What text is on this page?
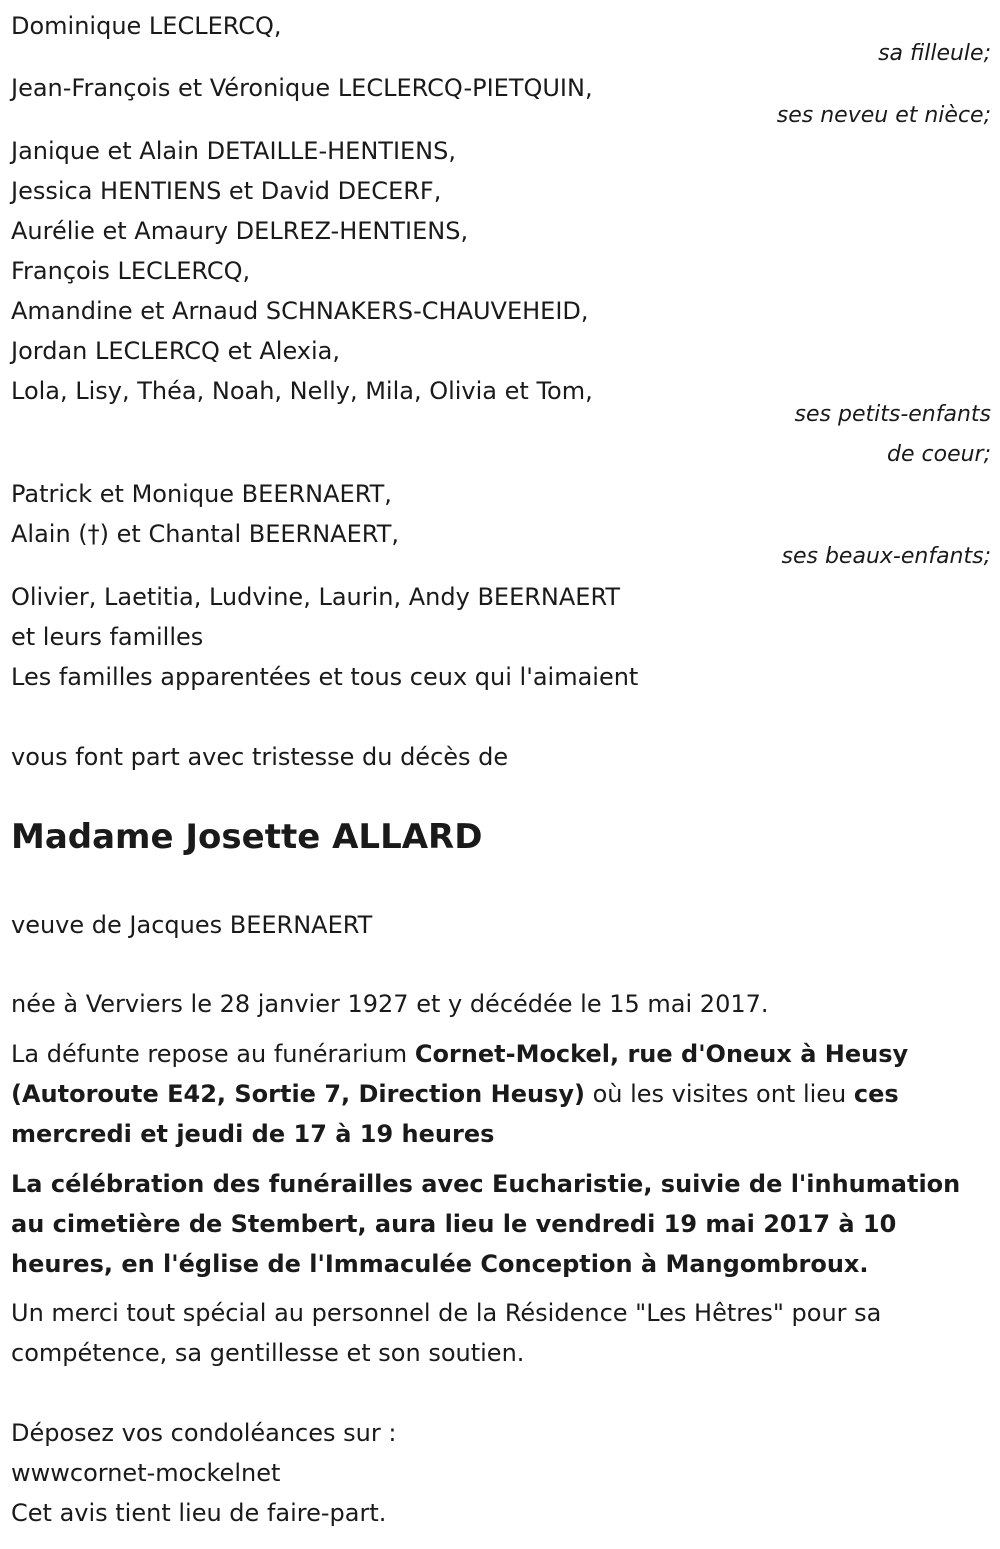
Dominique LECLERCQ,
sa filleule;
Jean-François et Véronique LECLERCQ-PIETQUIN,
ses neveu et nièce;
Janique et Alain DETAILLE-HENTIENS,
Jessica HENTIENS et David DECERF,
Aurélie et Amaury DELREZ-HENTIENS,
François LECLERCQ,
Amandine et Arnaud SCHNAKERS-CHAUVEHEID,
Jordan LECLERCQ et Alexia,
Lola, Lisy, Théa, Noah, Nelly, Mila, Olivia et Tom,
ses petits-enfants
de coeur;
Patrick et Monique BEERNAERT,
Alain (†) et Chantal BEERNAERT,
ses beaux-enfants;
Olivier, Laetitia, Ludvine, Laurin, Andy BEERNAERT
et leurs familles
Les familles apparentées et tous ceux qui l'aimaient
vous font part avec tristesse du décès de
Madame Josette ALLARD
veuve de Jacques BEERNAERT
née à Verviers le 28 janvier 1927 et y décédée le 15 mai 2017.
La défunte repose au funérarium Cornet-Mockel, rue d'Oneux à Heusy (Autoroute E42, Sortie 7, Direction Heusy) où les visites ont lieu ces mercredi et jeudi de 17 à 19 heures
La célébration des funérailles avec Eucharistie, suivie de l'inhumation au cimetière de Stembert, aura lieu le vendredi 19 mai 2017 à 10 heures, en l'église de l'Immaculée Conception à Mangombroux.
Un merci tout spécial au personnel de la Résidence "Les Hêtres" pour sa compétence, sa gentillesse et son soutien.
Déposez vos condoléances sur :
wwwcornet-mockelnet
Cet avis tient lieu de faire-part.
